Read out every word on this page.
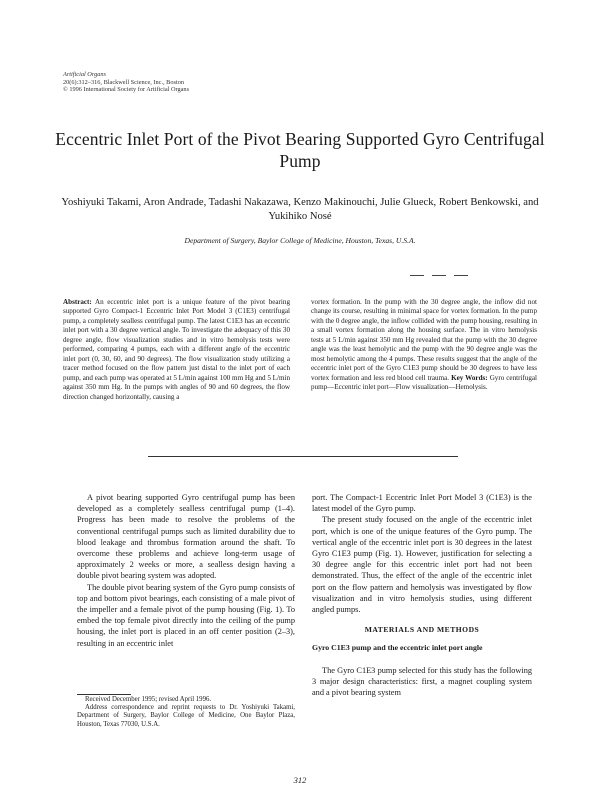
Artificial Organs
20(6):312–316, Blackwell Science, Inc., Boston
© 1996 International Society for Artificial Organs
Eccentric Inlet Port of the Pivot Bearing Supported Gyro Centrifugal Pump
Yoshiyuki Takami, Aron Andrade, Tadashi Nakazawa, Kenzo Makinouchi, Julie Glueck, Robert Benkowski, and Yukihiko Nosé
Department of Surgery, Baylor College of Medicine, Houston, Texas, U.S.A.
Abstract: An eccentric inlet port is a unique feature of the pivot bearing supported Gyro Compact-1 Eccentric Inlet Port Model 3 (C1E3) centrifugal pump, a completely sealless centrifugal pump. The latest C1E3 has an eccentric inlet port with a 30 degree vertical angle. To investigate the adequacy of this 30 degree angle, flow visualization studies and in vitro hemolysis tests were performed, comparing 4 pumps, each with a different angle of the eccentric inlet port (0, 30, 60, and 90 degrees). The flow visualization study utilizing a tracer method focused on the flow pattern just distal to the inlet port of each pump, and each pump was operated at 5 L/min against 100 mm Hg and 5 L/min against 350 mm Hg. In the pumps with angles of 90 and 60 degrees, the flow direction changed horizontally, causing a
vortex formation. In the pump with the 30 degree angle, the inflow did not change its course, resulting in minimal space for vortex formation. In the pump with the 0 degree angle, the inflow collided with the pump housing, resulting in a small vortex formation along the housing surface. The in vitro hemolysis tests at 5 L/min against 350 mm Hg revealed that the pump with the 30 degree angle was the least hemolytic and the pump with the 90 degree angle was the most hemolytic among the 4 pumps. These results suggest that the angle of the eccentric inlet port of the Gyro C1E3 pump should be 30 degrees to have less vortex formation and less red blood cell trauma. Key Words: Gyro centrifugal pump—Eccentric inlet port—Flow visualization—Hemolysis.

A pivot bearing supported Gyro centrifugal pump has been developed as a completely sealless centrifugal pump (1–4). Progress has been made to resolve the problems of the conventional centrifugal pumps such as limited durability due to blood leakage and thrombus formation around the shaft. To overcome these problems and achieve long-term usage of approximately 2 weeks or more, a sealless design having a double pivot bearing system was adopted.

The double pivot bearing system of the Gyro pump consists of top and bottom pivot bearings, each consisting of a male pivot of the impeller and a female pivot of the pump housing (Fig. 1). To embed the top female pivot directly into the ceiling of the pump housing, the inlet port is placed in an off center position (2–3), resulting in an eccentric inlet

Received December 1995; revised April 1996.

Address correspondence and reprint requests to Dr. Yoshiyuki Takami, Department of Surgery, Baylor College of Medicine, One Baylor Plaza, Houston, Texas 77030, U.S.A.

port. The Compact-1 Eccentric Inlet Port Model 3 (C1E3) is the latest model of the Gyro pump.

The present study focused on the angle of the eccentric inlet port, which is one of the unique features of the Gyro pump. The vertical angle of the eccentric inlet port is 30 degrees in the latest Gyro C1E3 pump (Fig. 1). However, justification for selecting a 30 degree angle for this eccentric inlet port had not been demonstrated. Thus, the effect of the angle of the eccentric inlet port on the flow pattern and hemolysis was investigated by flow visualization and in vitro hemolysis studies, using different angled pumps.

MATERIALS AND METHODS
Gyro C1E3 pump and the eccentric inlet port angle

The Gyro C1E3 pump selected for this study has the following 3 major design characteristics: first, a magnet coupling system and a pivot bearing system

312
